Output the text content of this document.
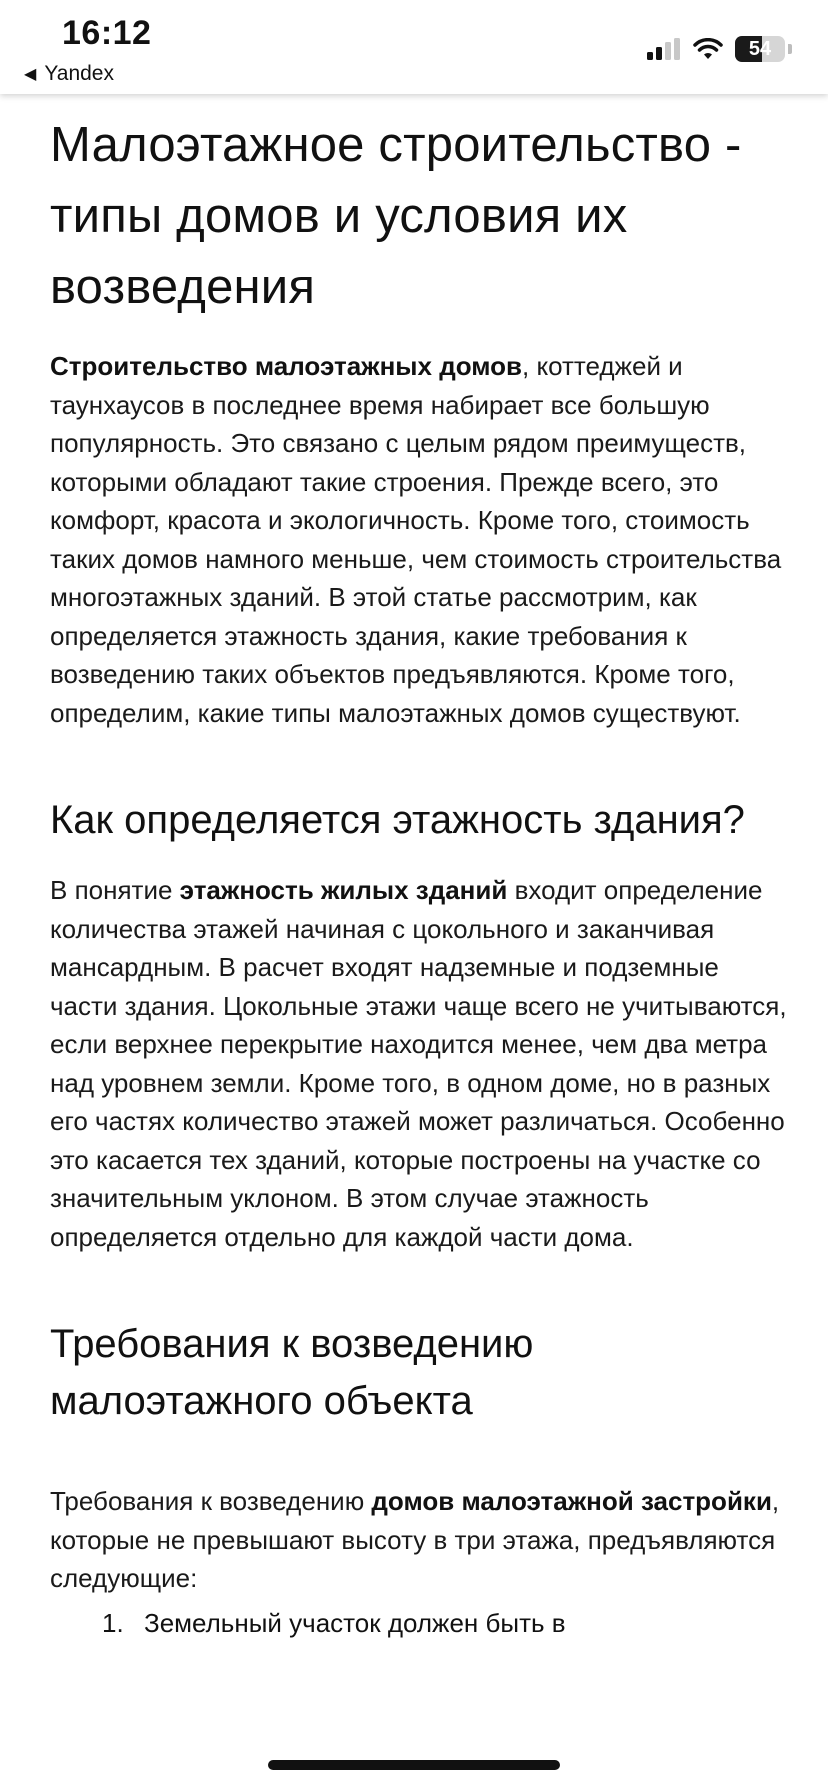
16:12
◀ Yandex
54
Малоэтажное строительство - типы домов и условия их возведения

Строительство малоэтажных домов, коттеджей и таунхаусов в последнее время набирает все большую популярность. Это связано с целым рядом преимуществ, которыми обладают такие строения. Прежде всего, это комфорт, красота и экологичность. Кроме того, стоимость таких домов намного меньше, чем стоимость строительства многоэтажных зданий. В этой статье рассмотрим, как определяется этажность здания, какие требования к возведению таких объектов предъявляются. Кроме того, определим, какие типы малоэтажных домов существуют.

Как определяется этажность здания?

В понятие этажность жилых зданий входит определение количества этажей начиная с цокольного и заканчивая мансардным. В расчет входят надземные и подземные части здания. Цокольные этажи чаще всего не учитываются, если верхнее перекрытие находится менее, чем два метра над уровнем земли. Кроме того, в одном доме, но в разных его частях количество этажей может различаться. Особенно это касается тех зданий, которые построены на участке со значительным уклоном. В этом случае этажность определяется отдельно для каждой части дома.

Требования к возведению малоэтажного объекта

Требования к возведению домов малоэтажной застройки, которые не превышают высоту в три этажа, предъявляются следующие:

1. Земельный участок должен быть в
